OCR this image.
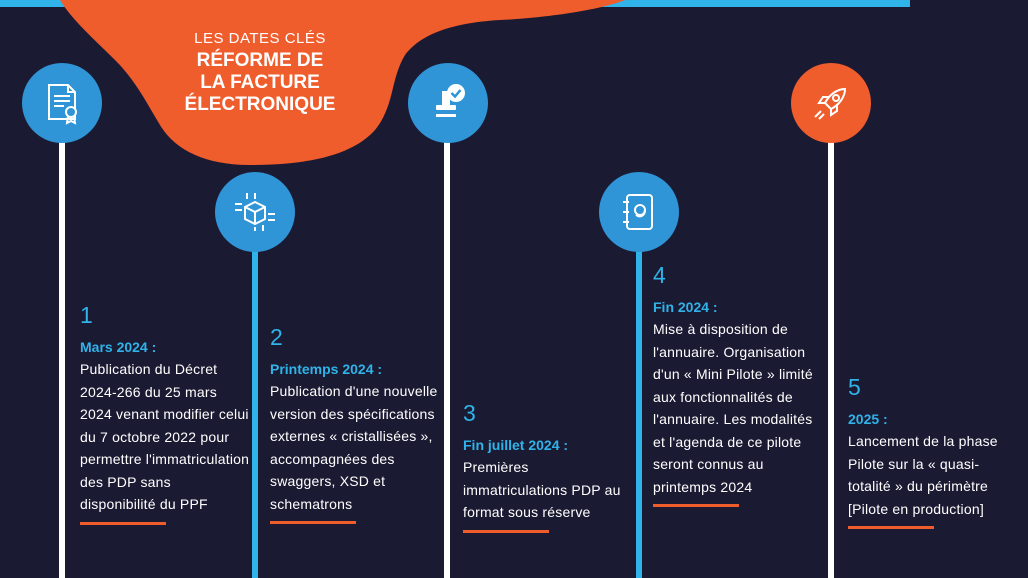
LES DATES CLÉS
RÉFORME DE
LA FACTURE
ÉLECTRONIQUE
1
Mars 2024 :
Publication du Décret 2024-266 du 25 mars 2024 venant modifier celui du 7 octobre 2022 pour permettre l'immatriculation des PDP sans disponibilité du PPF
2
Printemps 2024 :
Publication d'une nouvelle version des spécifications externes « cristallisées », accompagnées des swaggers, XSD et schematrons
3
Fin juillet 2024 :
Premières immatriculations PDP au format sous réserve
4
Fin 2024 :
Mise à disposition de l'annuaire. Organisation d'un « Mini Pilote » limité aux fonctionnalités de l'annuaire. Les modalités et l'agenda de ce pilote seront connus au printemps 2024
5
2025 :
Lancement de la phase Pilote sur la « quasi-totalité » du périmètre [Pilote en production]
